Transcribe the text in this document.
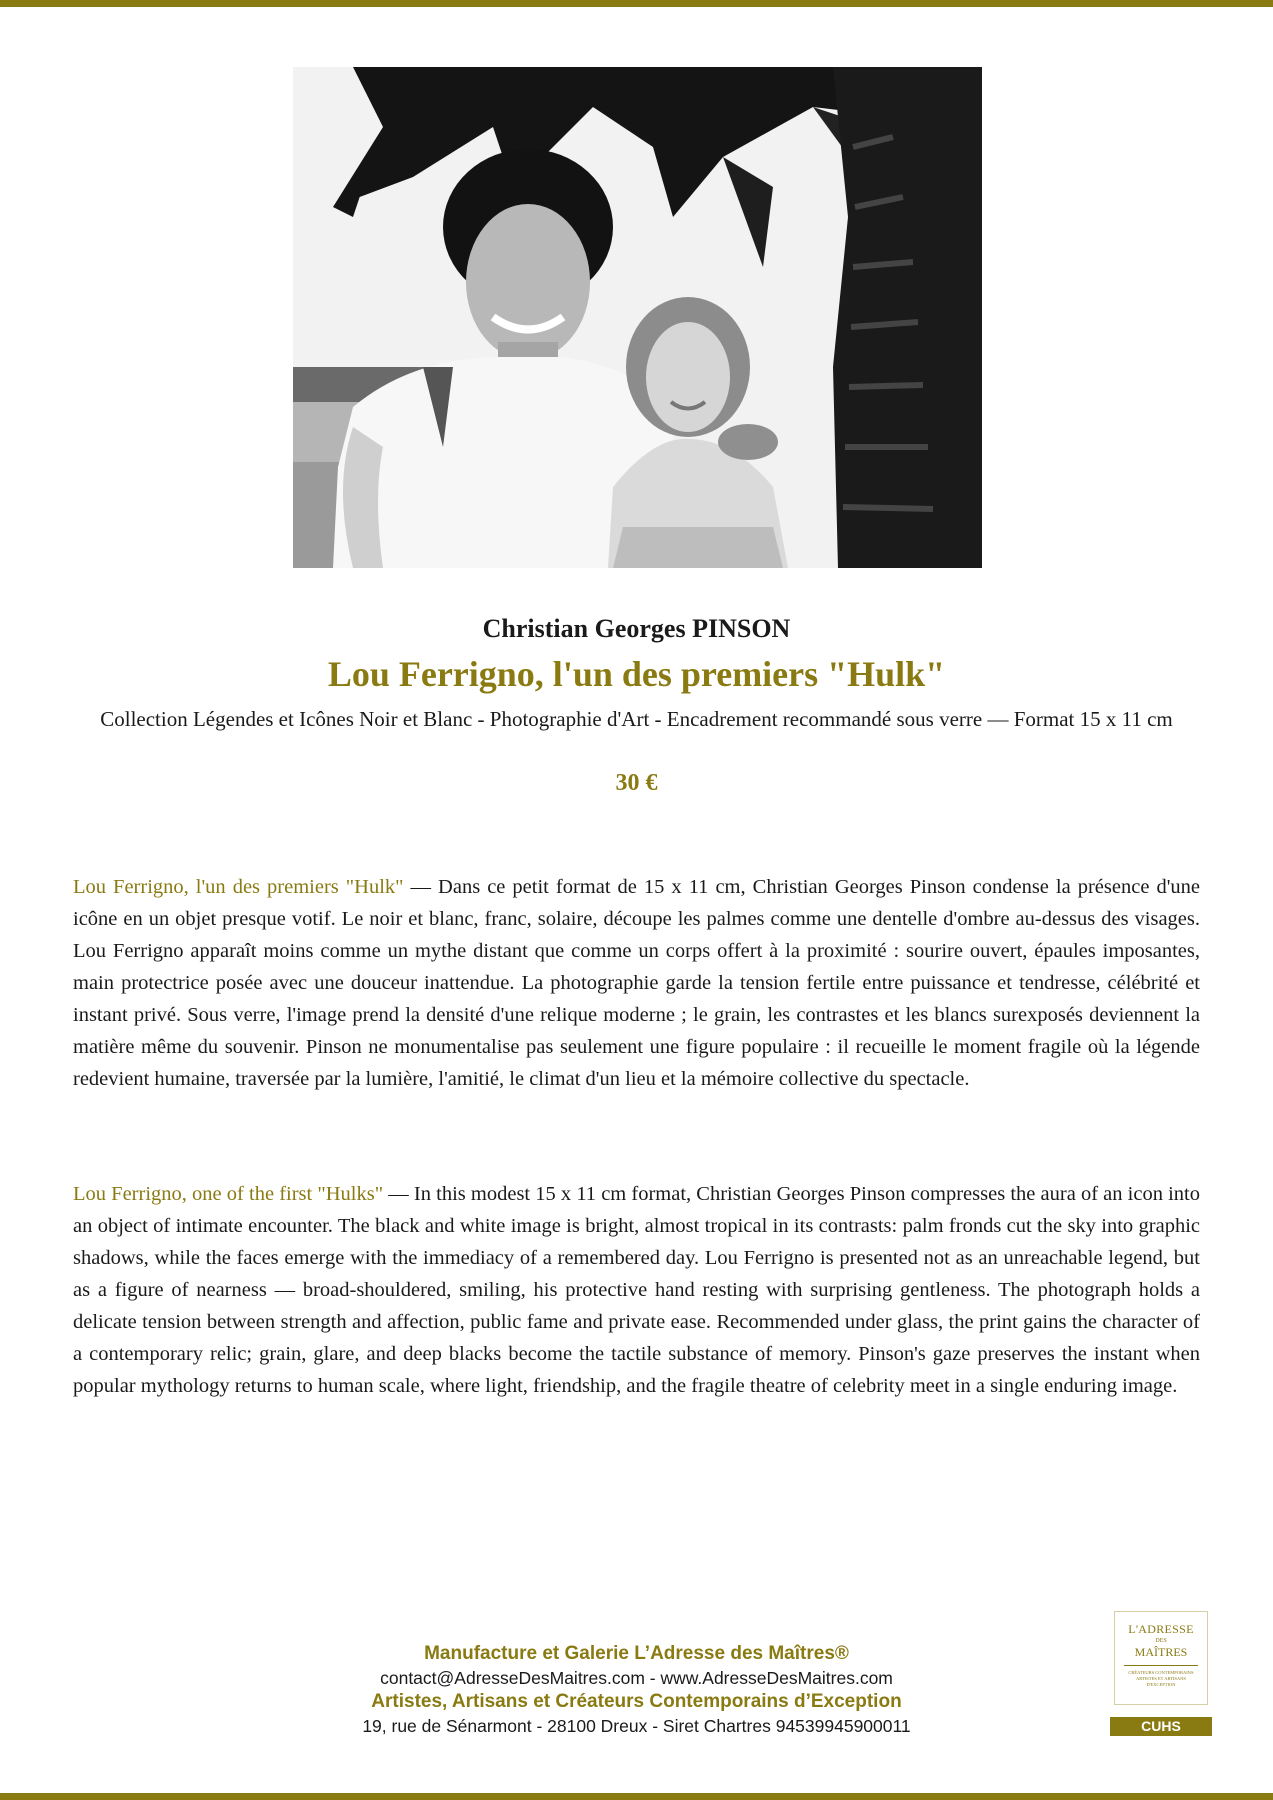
Christian Georges PINSON
Lou Ferrigno, l'un des premiers "Hulk"
Collection Légendes et Icônes Noir et Blanc - Photographie d'Art - Encadrement recommandé sous verre — Format 15 x 11 cm
30 €
Lou Ferrigno, l'un des premiers "Hulk" — Dans ce petit format de 15 x 11 cm, Christian Georges Pinson condense la présence d'une icône en un objet presque votif. Le noir et blanc, franc, solaire, découpe les palmes comme une dentelle d'ombre au-dessus des visages. Lou Ferrigno apparaît moins comme un mythe distant que comme un corps offert à la proximité : sourire ouvert, épaules imposantes, main protectrice posée avec une douceur inattendue. La photographie garde la tension fertile entre puissance et tendresse, célébrité et instant privé. Sous verre, l'image prend la densité d'une relique moderne ; le grain, les contrastes et les blancs surexposés deviennent la matière même du souvenir. Pinson ne monumentalise pas seulement une figure populaire : il recueille le moment fragile où la légende redevient humaine, traversée par la lumière, l'amitié, le climat d'un lieu et la mémoire collective du spectacle.
Lou Ferrigno, one of the first "Hulks" — In this modest 15 x 11 cm format, Christian Georges Pinson compresses the aura of an icon into an object of intimate encounter. The black and white image is bright, almost tropical in its contrasts: palm fronds cut the sky into graphic shadows, while the faces emerge with the immediacy of a remembered day. Lou Ferrigno is presented not as an unreachable legend, but as a figure of nearness — broad-shouldered, smiling, his protective hand resting with surprising gentleness. The photograph holds a delicate tension between strength and affection, public fame and private ease. Recommended under glass, the print gains the character of a contemporary relic; grain, glare, and deep blacks become the tactile substance of memory. Pinson's gaze preserves the instant when popular mythology returns to human scale, where light, friendship, and the fragile theatre of celebrity meet in a single enduring image.
Manufacture et Galerie L’Adresse des Maîtres®
contact@AdresseDesMaitres.com - www.AdresseDesMaitres.com
Artistes, Artisans et Créateurs Contemporains d’Exception
19, rue de Sénarmont - 28100 Dreux - Siret Chartres 94539945900011
L'ADRESSE
DES
MAÎTRES
CRÉATEURS CONTEMPORAINS ARTISTES ET ARTISANS D'EXCEPTION
CUHS
